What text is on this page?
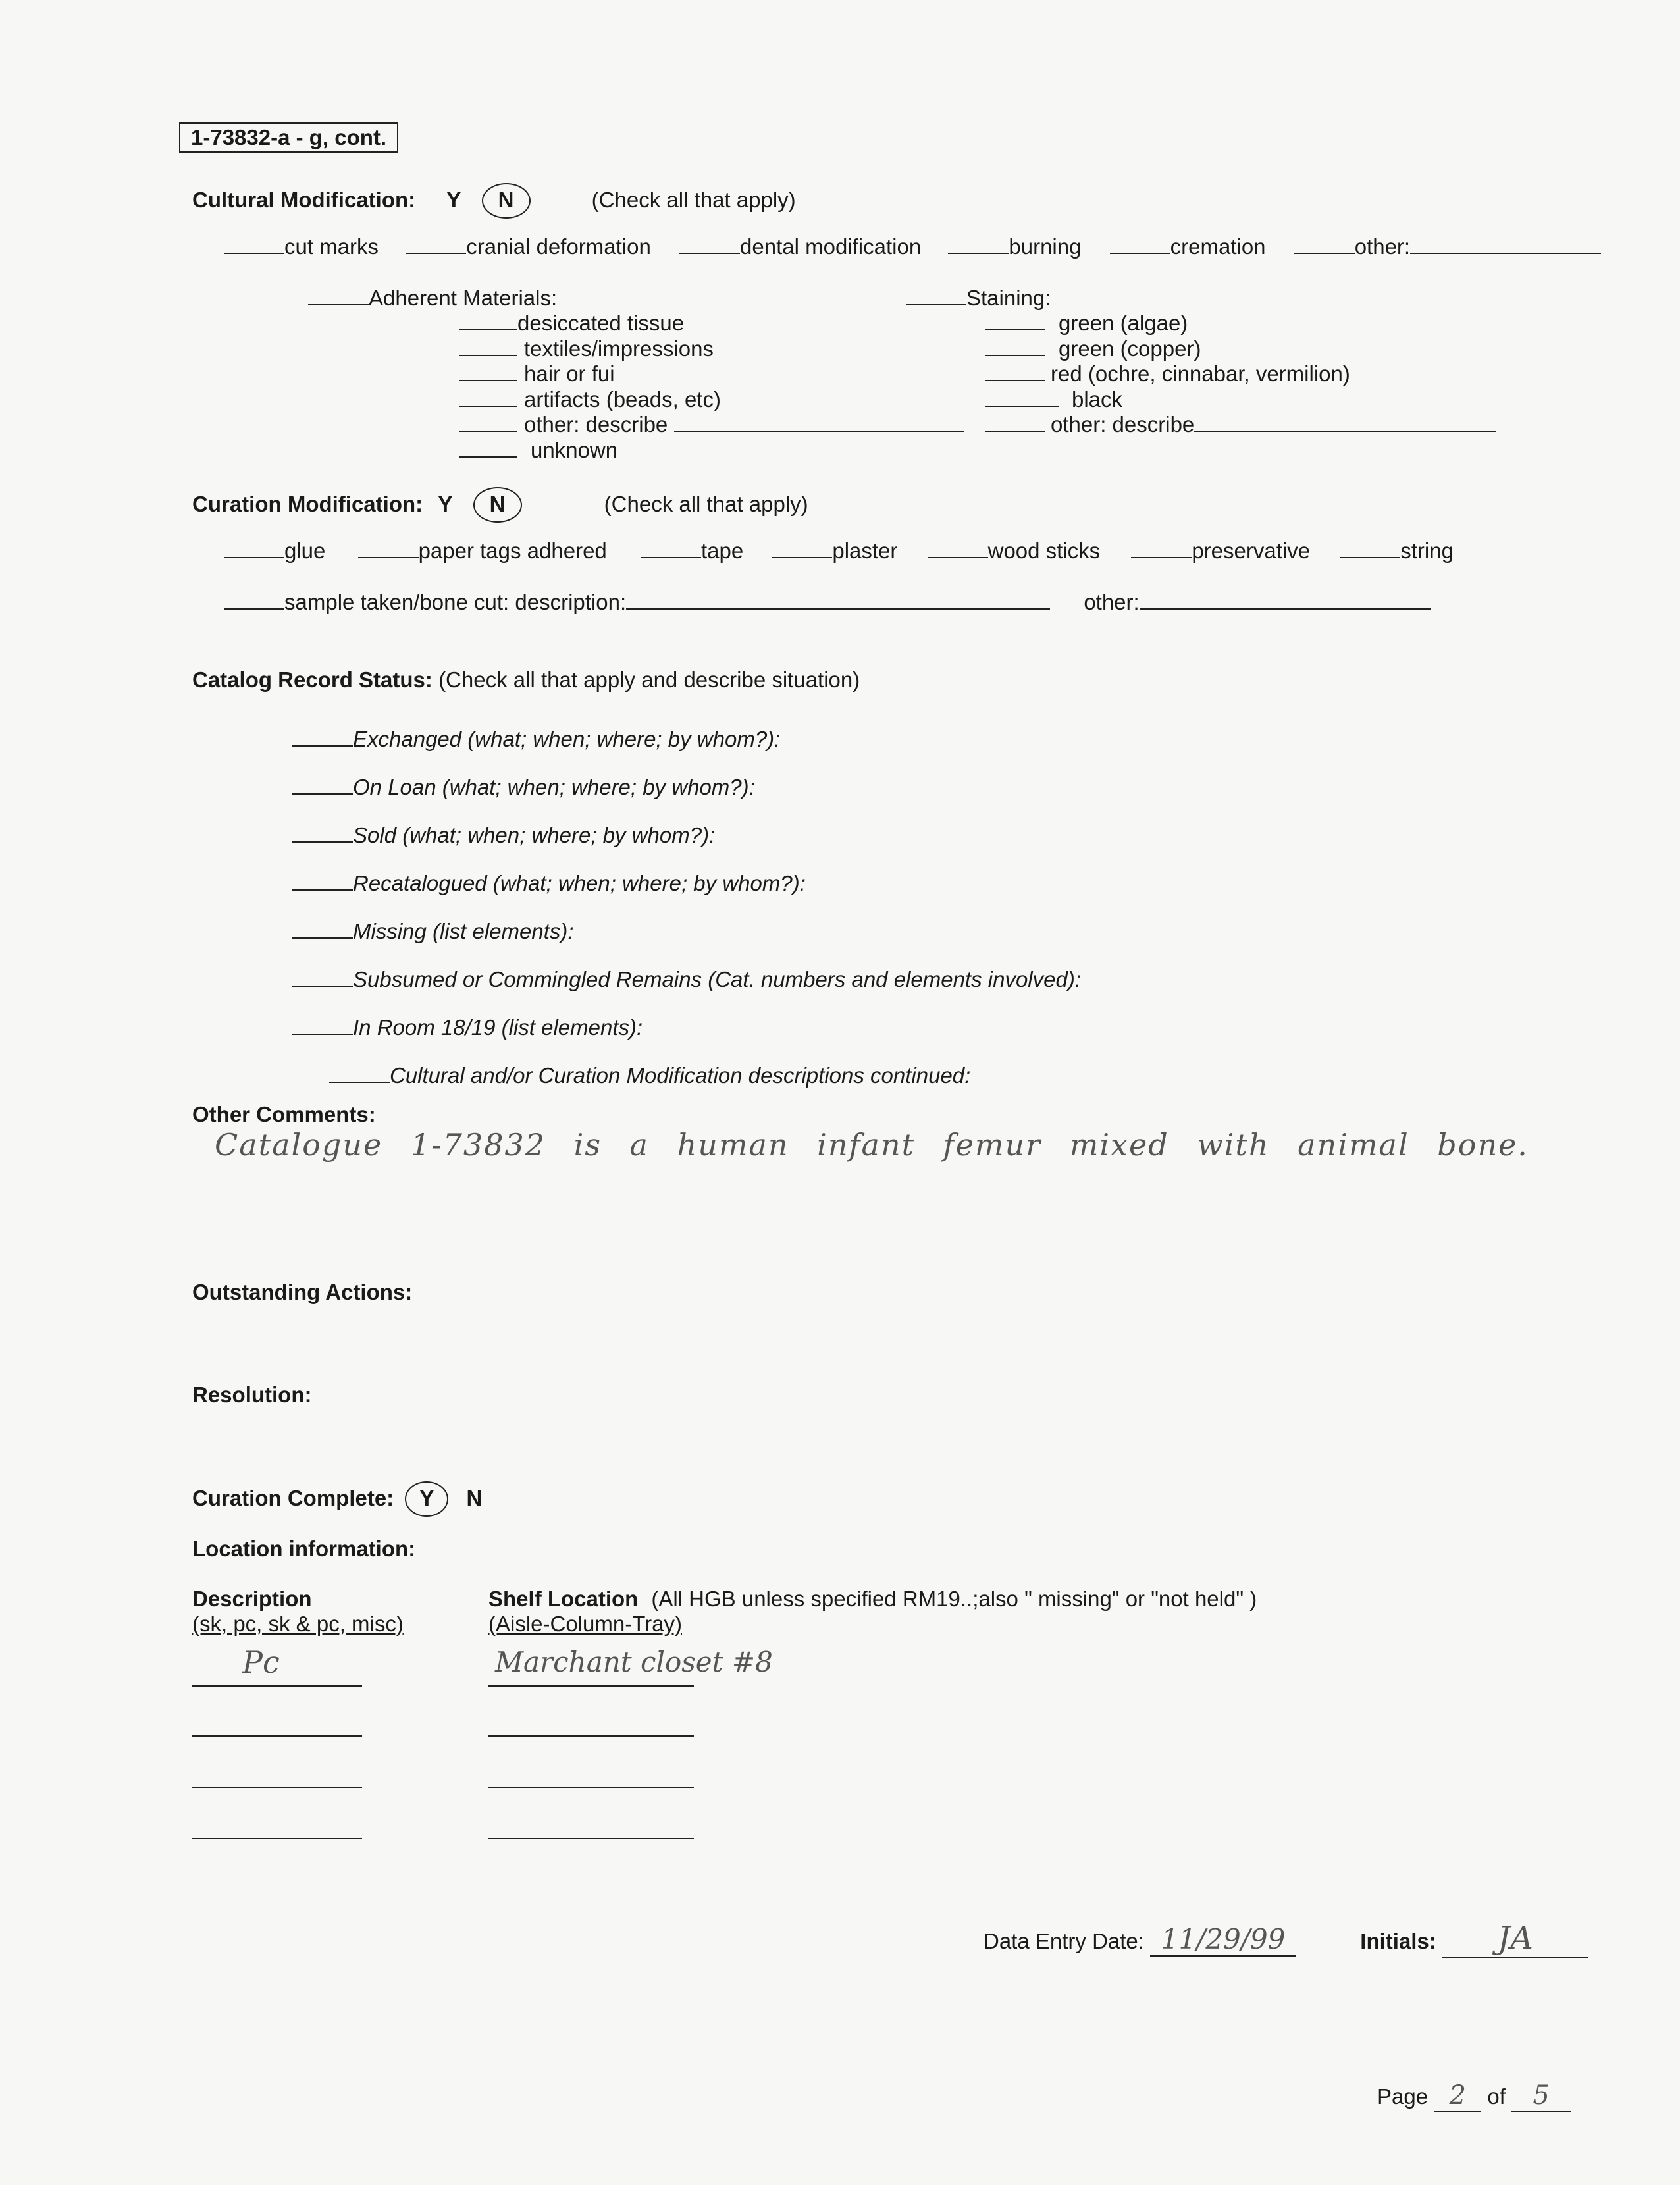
1-73832-a - g, cont.
Cultural Modification: Y N	(Check all that apply)
cut marks	cranial deformation	dental modification	burning	cremation	other:
Adherent Materials:
desiccated tissue
textiles/impressions
hair or fui
artifacts (beads, etc)
other: describe
unknown
Staining:
green (algae)
green (copper)
red (ochre, cinnabar, vermilion)
black
other: describe
Curation Modification: Y N	(Check all that apply)
glue	paper tags adhered	tape	plaster	wood sticks	preservative	string
sample taken/bone cut: description:	other:
Catalog Record Status: (Check all that apply and describe situation)
Exchanged (what; when; where; by whom?):
On Loan (what; when; where; by whom?):
Sold (what; when; where; by whom?):
Recatalogued (what; when; where; by whom?):
Missing (list elements):
Subsumed or Commingled Remains (Cat. numbers and elements involved):
In Room 18/19 (list elements):
Cultural and/or Curation Modification descriptions continued:
Other Comments:
Catalogue 1-73832 is a human infant femur mixed with animal bone.
Outstanding Actions:
Resolution:
Curation Complete: Y N
Location information:
Description
(sk, pc, sk & pc, misc)
Shelf Location (All HGB unless specified RM19..;also " missing" or "not held" )
(Aisle-Column-Tray)
Pc	Marchant closet #8
Data Entry Date: 11/29/99	Initials: JA
Page 2 of 5
